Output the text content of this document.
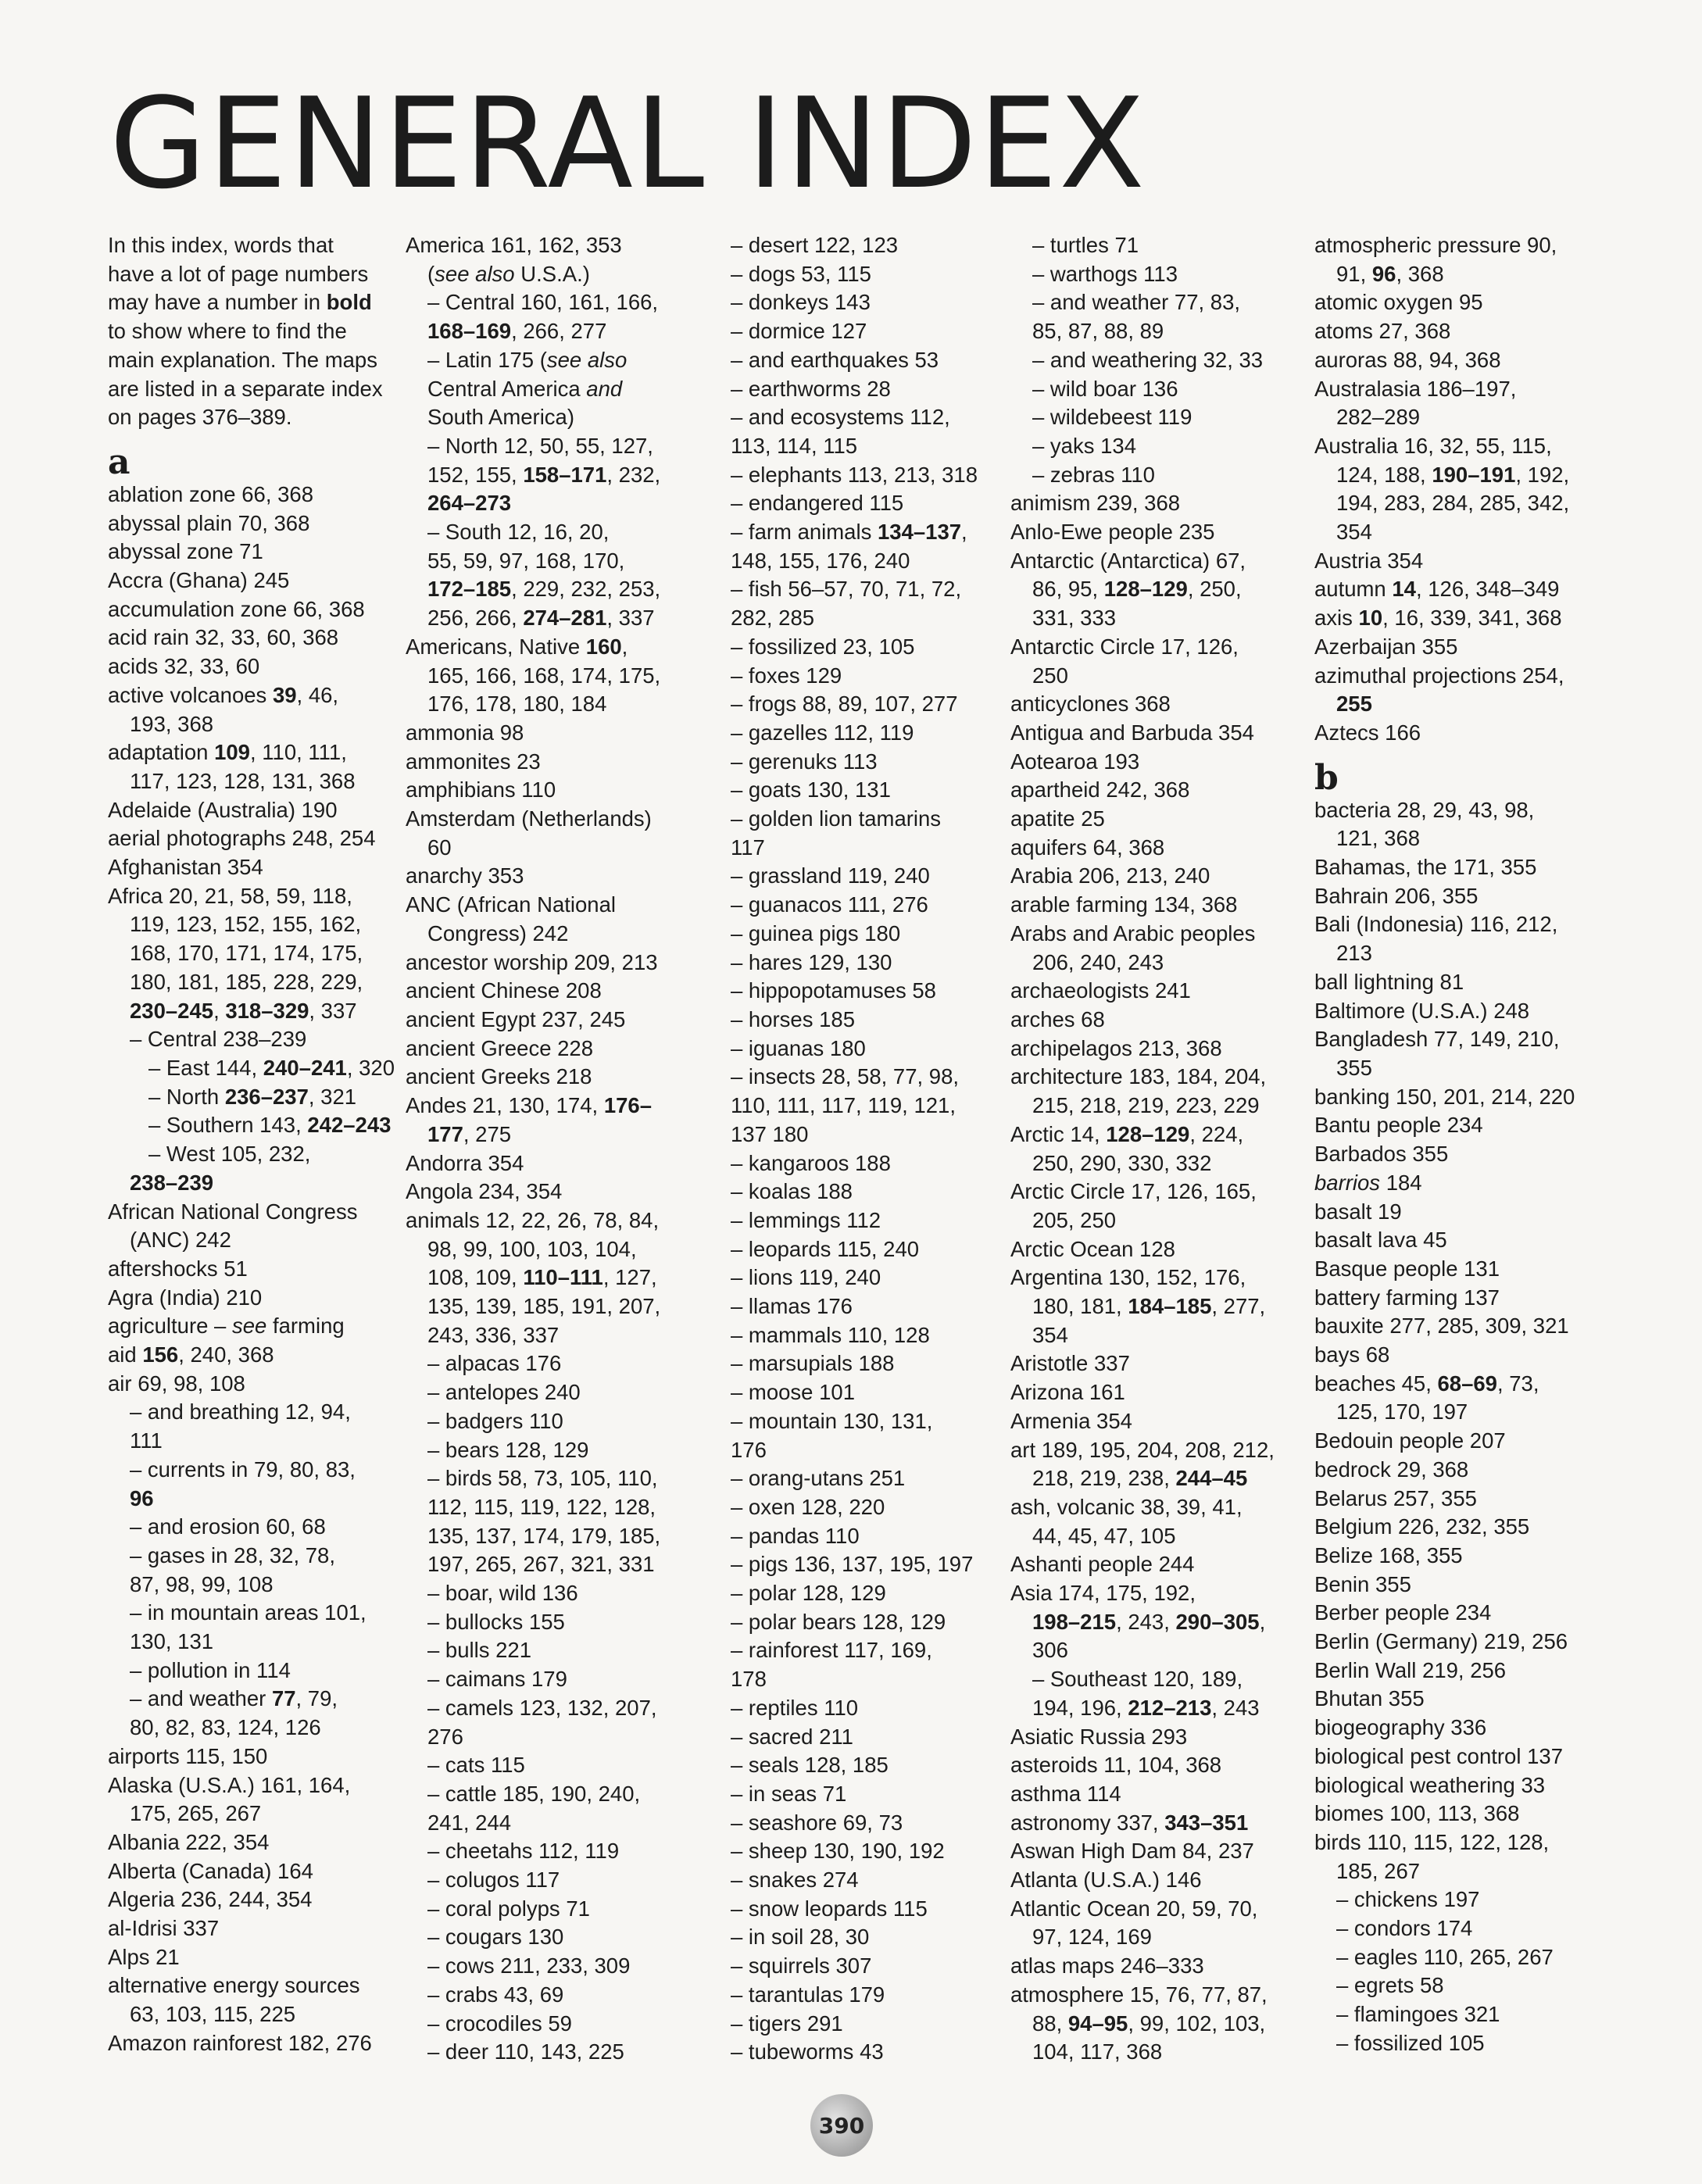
GENERAL INDEX
In this index, words that
have a lot of page numbers
may have a number in bold
to show where to find the
main explanation. The maps
are listed in a separate index
on pages 376–389.
a
ablation zone 66, 368
abyssal plain 70, 368
abyssal zone 71
Accra (Ghana) 245
accumulation zone 66, 368
acid rain 32, 33, 60, 368
acids 32, 33, 60
active volcanoes 39, 46,
193, 368
adaptation 109, 110, 111,
117, 123, 128, 131, 368
Adelaide (Australia) 190
aerial photographs 248, 254
Afghanistan 354
Africa 20, 21, 58, 59, 118,
119, 123, 152, 155, 162,
168, 170, 171, 174, 175,
180, 181, 185, 228, 229,
230–245, 318–329, 337
– Central 238–239
– East 144, 240–241, 320
– North 236–237, 321
– Southern 143, 242–243
– West 105, 232,
238–239
African National Congress
(ANC) 242
aftershocks 51
Agra (India) 210
agriculture – see farming
aid 156, 240, 368
air 69, 98, 108
– and breathing 12, 94,
111
– currents in 79, 80, 83,
96
– and erosion 60, 68
– gases in 28, 32, 78,
87, 98, 99, 108
– in mountain areas 101,
130, 131
– pollution in 114
– and weather 77, 79,
80, 82, 83, 124, 126
airports 115, 150
Alaska (U.S.A.) 161, 164,
175, 265, 267
Albania 222, 354
Alberta (Canada) 164
Algeria 236, 244, 354
al-Idrisi 337
Alps 21
alternative energy sources
63, 103, 115, 225
Amazon rainforest 182, 276
America 161, 162, 353
(see also U.S.A.)
– Central 160, 161, 166,
168–169, 266, 277
– Latin 175 (see also
Central America and
South America)
– North 12, 50, 55, 127,
152, 155, 158–171, 232,
264–273
– South 12, 16, 20,
55, 59, 97, 168, 170,
172–185, 229, 232, 253,
256, 266, 274–281, 337
Americans, Native 160,
165, 166, 168, 174, 175,
176, 178, 180, 184
ammonia 98
ammonites 23
amphibians 110
Amsterdam (Netherlands)
60
anarchy 353
ANC (African National
Congress) 242
ancestor worship 209, 213
ancient Chinese 208
ancient Egypt 237, 245
ancient Greece 228
ancient Greeks 218
Andes 21, 130, 174, 176–
177, 275
Andorra 354
Angola 234, 354
animals 12, 22, 26, 78, 84,
98, 99, 100, 103, 104,
108, 109, 110–111, 127,
135, 139, 185, 191, 207,
243, 336, 337
– alpacas 176
– antelopes 240
– badgers 110
– bears 128, 129
– birds 58, 73, 105, 110,
112, 115, 119, 122, 128,
135, 137, 174, 179, 185,
197, 265, 267, 321, 331
– boar, wild 136
– bullocks 155
– bulls 221
– caimans 179
– camels 123, 132, 207,
276
– cats 115
– cattle 185, 190, 240,
241, 244
– cheetahs 112, 119
– colugos 117
– coral polyps 71
– cougars 130
– cows 211, 233, 309
– crabs 43, 69
– crocodiles 59
– deer 110, 143, 225
– desert 122, 123
– dogs 53, 115
– donkeys 143
– dormice 127
– and earthquakes 53
– earthworms 28
– and ecosystems 112,
113, 114, 115
– elephants 113, 213, 318
– endangered 115
– farm animals 134–137,
148, 155, 176, 240
– fish 56–57, 70, 71, 72,
282, 285
– fossilized 23, 105
– foxes 129
– frogs 88, 89, 107, 277
– gazelles 112, 119
– gerenuks 113
– goats 130, 131
– golden lion tamarins
117
– grassland 119, 240
– guanacos 111, 276
– guinea pigs 180
– hares 129, 130
– hippopotamuses 58
– horses 185
– iguanas 180
– insects 28, 58, 77, 98,
110, 111, 117, 119, 121,
137 180
– kangaroos 188
– koalas 188
– lemmings 112
– leopards 115, 240
– lions 119, 240
– llamas 176
– mammals 110, 128
– marsupials 188
– moose 101
– mountain 130, 131,
176
– orang-utans 251
– oxen 128, 220
– pandas 110
– pigs 136, 137, 195, 197
– polar 128, 129
– polar bears 128, 129
– rainforest 117, 169,
178
– reptiles 110
– sacred 211
– seals 128, 185
– in seas 71
– seashore 69, 73
– sheep 130, 190, 192
– snakes 274
– snow leopards 115
– in soil 28, 30
– squirrels 307
– tarantulas 179
– tigers 291
– tubeworms 43
– turtles 71
– warthogs 113
– and weather 77, 83,
85, 87, 88, 89
– and weathering 32, 33
– wild boar 136
– wildebeest 119
– yaks 134
– zebras 110
animism 239, 368
Anlo-Ewe people 235
Antarctic (Antarctica) 67,
86, 95, 128–129, 250,
331, 333
Antarctic Circle 17, 126,
250
anticyclones 368
Antigua and Barbuda 354
Aotearoa 193
apartheid 242, 368
apatite 25
aquifers 64, 368
Arabia 206, 213, 240
arable farming 134, 368
Arabs and Arabic peoples
206, 240, 243
archaeologists 241
arches 68
archipelagos 213, 368
architecture 183, 184, 204,
215, 218, 219, 223, 229
Arctic 14, 128–129, 224,
250, 290, 330, 332
Arctic Circle 17, 126, 165,
205, 250
Arctic Ocean 128
Argentina 130, 152, 176,
180, 181, 184–185, 277,
354
Aristotle 337
Arizona 161
Armenia 354
art 189, 195, 204, 208, 212,
218, 219, 238, 244–45
ash, volcanic 38, 39, 41,
44, 45, 47, 105
Ashanti people 244
Asia 174, 175, 192,
198–215, 243, 290–305,
306
– Southeast 120, 189,
194, 196, 212–213, 243
Asiatic Russia 293
asteroids 11, 104, 368
asthma 114
astronomy 337, 343–351
Aswan High Dam 84, 237
Atlanta (U.S.A.) 146
Atlantic Ocean 20, 59, 70,
97, 124, 169
atlas maps 246–333
atmosphere 15, 76, 77, 87,
88, 94–95, 99, 102, 103,
104, 117, 368
atmospheric pressure 90,
91, 96, 368
atomic oxygen 95
atoms 27, 368
auroras 88, 94, 368
Australasia 186–197,
282–289
Australia 16, 32, 55, 115,
124, 188, 190–191, 192,
194, 283, 284, 285, 342,
354
Austria 354
autumn 14, 126, 348–349
axis 10, 16, 339, 341, 368
Azerbaijan 355
azimuthal projections 254,
255
Aztecs 166
b
bacteria 28, 29, 43, 98,
121, 368
Bahamas, the 171, 355
Bahrain 206, 355
Bali (Indonesia) 116, 212,
213
ball lightning 81
Baltimore (U.S.A.) 248
Bangladesh 77, 149, 210,
355
banking 150, 201, 214, 220
Bantu people 234
Barbados 355
barrios 184
basalt 19
basalt lava 45
Basque people 131
battery farming 137
bauxite 277, 285, 309, 321
bays 68
beaches 45, 68–69, 73,
125, 170, 197
Bedouin people 207
bedrock 29, 368
Belarus 257, 355
Belgium 226, 232, 355
Belize 168, 355
Benin 355
Berber people 234
Berlin (Germany) 219, 256
Berlin Wall 219, 256
Bhutan 355
biogeography 336
biological pest control 137
biological weathering 33
biomes 100, 113, 368
birds 110, 115, 122, 128,
185, 267
– chickens 197
– condors 174
– eagles 110, 265, 267
– egrets 58
– flamingoes 321
– fossilized 105
390
